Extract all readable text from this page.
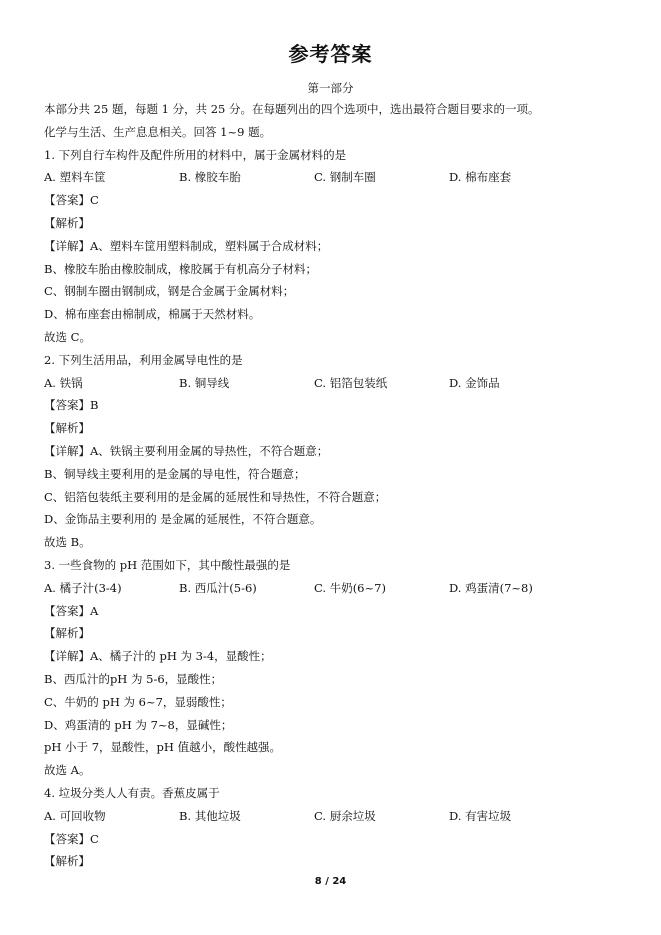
参考答案
第一部分
本部分共 25 题，每题 1 分，共 25 分。在每题列出的四个选项中，选出最符合题目要求的一项。
化学与生活、生产息息相关。回答 1~9 题。
1. 下列自行车构件及配件所用的材料中，属于金属材料的是
A. 塑料车筐	B. 橡胶车胎	C. 钢制车圈	D. 棉布座套
【答案】C
【解析】
【详解】A、塑料车筐用塑料制成，塑料属于合成材料；
B、橡胶车胎由橡胶制成，橡胶属于有机高分子材料；
C、钢制车圈由钢制成，钢是合金属于金属材料；
D、棉布座套由棉制成，棉属于天然材料。
故选 C。
2. 下列生活用品，利用金属导电性的是
A. 铁锅	B. 铜导线	C. 铝箔包装纸	D. 金饰品
【答案】B
【解析】
【详解】A、铁锅主要利用金属的导热性，不符合题意；
B、铜导线主要利用的是金属的导电性，符合题意；
C、铝箔包装纸主要利用的是金属的延展性和导热性，不符合题意；
D、金饰品主要利用的 是金属的延展性，不符合题意。
故选 B。
3. 一些食物的 pH 范围如下，其中酸性最强的是
A. 橘子汁(3-4)	B. 西瓜汁(5-6)	C. 牛奶(6~7)	D. 鸡蛋清(7~8)
【答案】A
【解析】
【详解】A、橘子汁的 pH 为 3-4，显酸性；
B、西瓜汁的pH 为 5-6，显酸性；
C、牛奶的 pH 为 6~7，显弱酸性；
D、鸡蛋清的 pH 为 7~8，显碱性；
pH 小于 7，显酸性，pH 值越小，酸性越强。
故选 A。
4. 垃圾分类人人有责。香蕉皮属于
A. 可回收物	B. 其他垃圾	C. 厨余垃圾	D. 有害垃圾
【答案】C
【解析】
8 / 24
